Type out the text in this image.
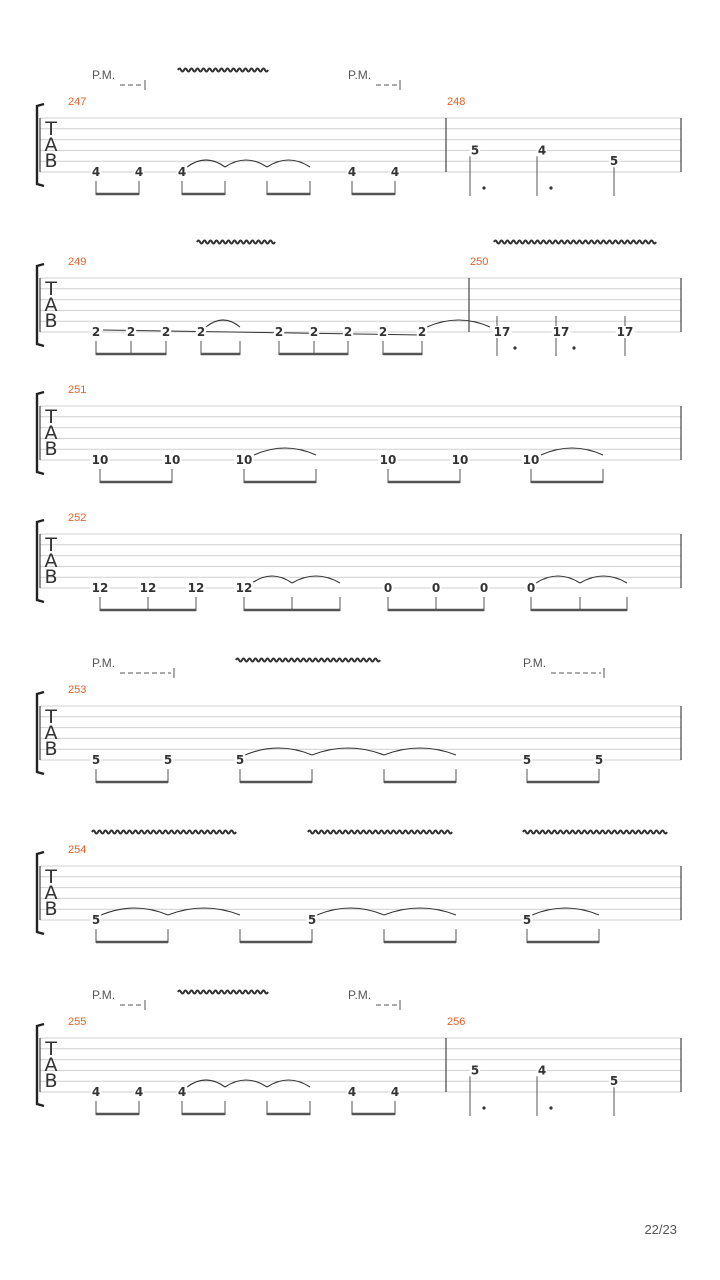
T
A
B
247	248
P.M.	P.M.
4	4	4	4	4
5	4
5
T
A
B
249	250
2 2 2 2	2 2 2 2	2	17	17	17
T
A
B
251
10	10	10	10	10	10
T
A
B
252
12	12	12	12	0	0	0	0
T
A
B
253
P.M.	P.M.
5	5	5	5	5
T
A
B
254
5	5	5
T
A
B
255	256
P.M.	P.M.
4	4	4	4	4
5	4
5
22/23
